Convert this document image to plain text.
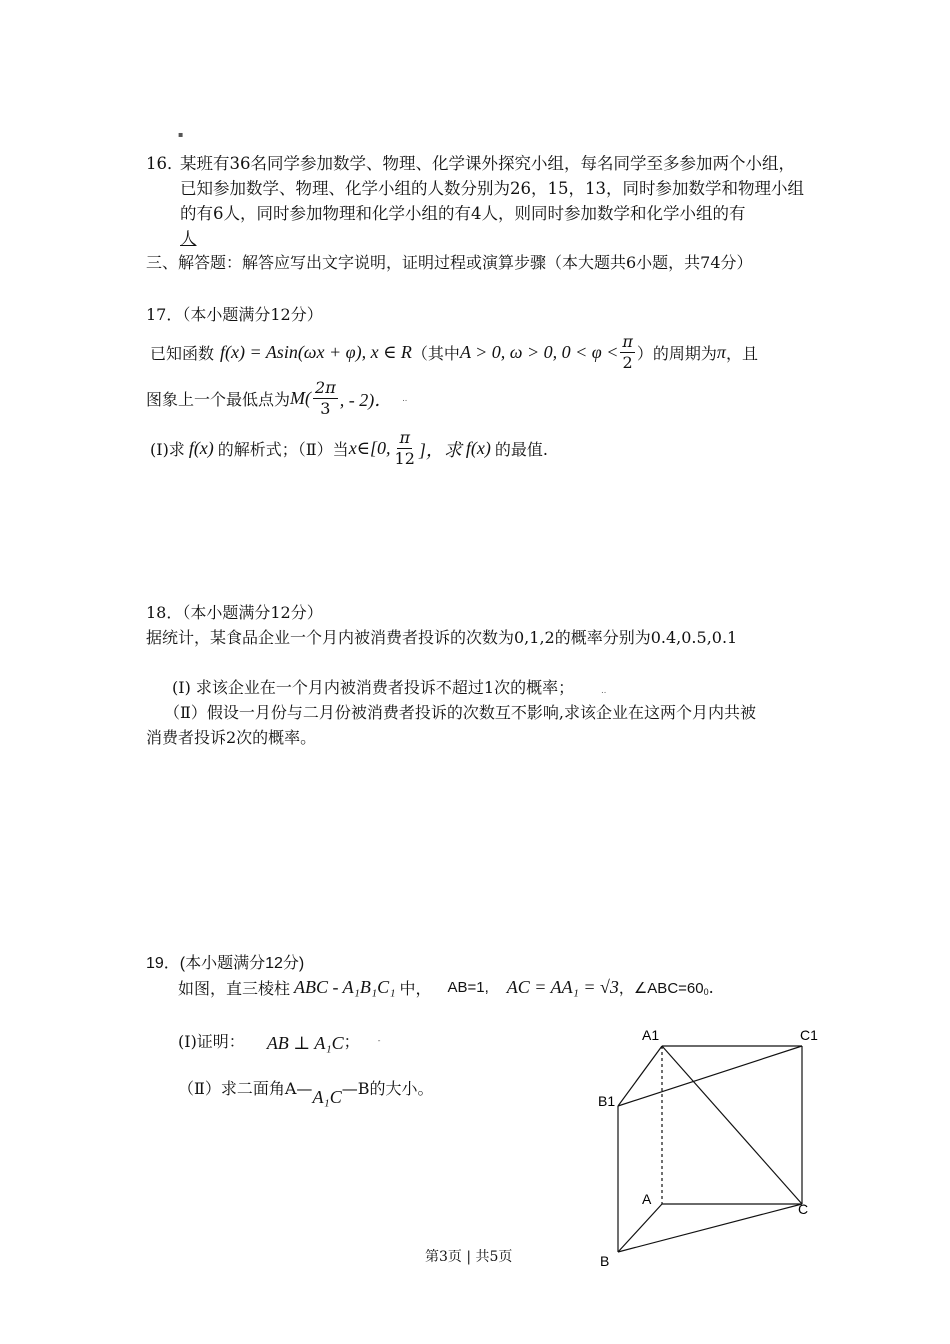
▪
16．
某班有36名同学参加数学、物理、化学课外探究小组，每名同学至多参加两个小组，
已知参加数学、物理、化学小组的人数分别为26，15，13，同时参加数学和物理小组
的有6人，同时参加物理和化学小组的有4人，则同时参加数学和化学小组的有
人
三、解答题：解答应写出文字说明，证明过程或演算步骤（本大题共6小题，共74分）
17．（本小题满分12分）
已知函数 f(x) = Asin(ωx + φ), x ∈ R （其中 A > 0, ω > 0, $0 < \varphi < \frac{\pi}{2}$ ）的周期为 π ，且
图象上一个最低点为 M ( $\frac{2\pi}{3}$ , - 2)． ..
(I)求 f(x) 的解析式；（Ⅱ）当 x∈[0, $\frac{\pi}{12}$ ]，求 f(x) 的最值.
18．（本小题满分12分）
据统计，某食品企业一个月内被消费者投诉的次数为0,1,2的概率分别为0.4,0.5,0.1
(I) 求该企业在一个月内被消费者投诉不超过1次的概率；	..
（Ⅱ）假设一月份与二月份被消费者投诉的次数互不影响,求该企业在这两个月内共被
消费者投诉2次的概率。
19．(本小题满分12分)
如图，直三棱柱 ABC - A₁B₁C₁ 中， AB=1, AC = AA₁ = √3 ，∠ABC=60 0 .
(I)证明： AB ⊥ A₁C ； -
（Ⅱ）求二面角A— A₁C —B的大小。
A1	C1
B1
A
C
B
第3页 | 共5页
